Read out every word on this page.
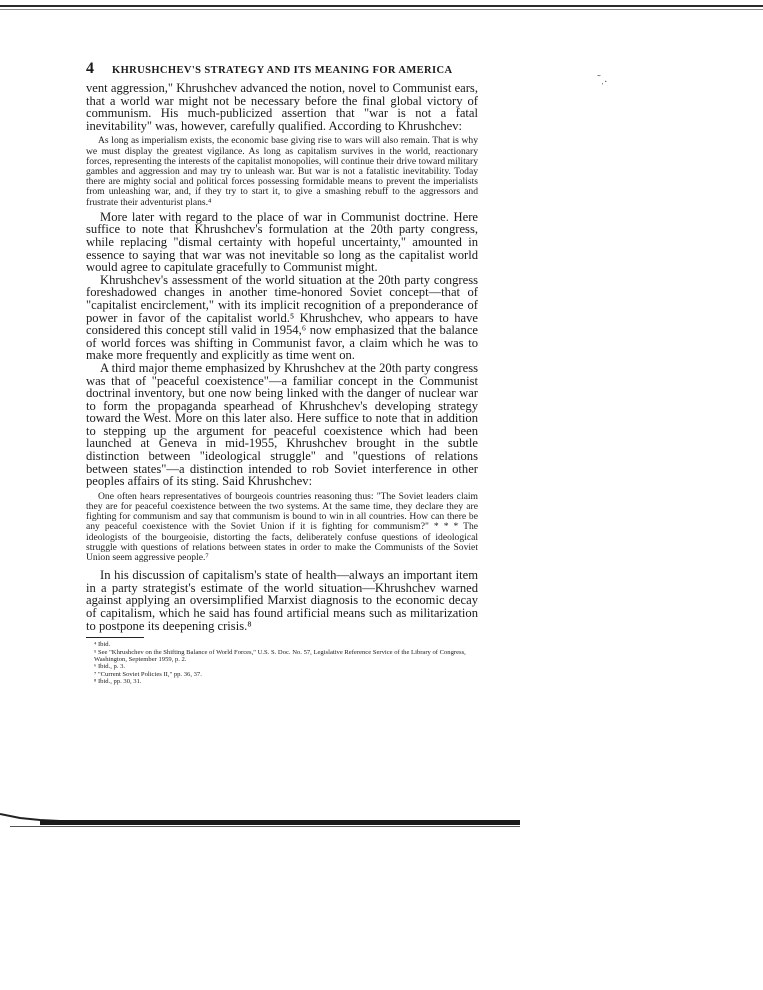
˜ˌ.
4	KHRUSHCHEV'S STRATEGY AND ITS MEANING FOR AMERICA

vent aggression," Khrushchev advanced the notion, novel to Communist ears, that a world war might not be necessary before the final global victory of communism. His much-publicized assertion that "war is not a fatal inevitability" was, however, carefully qualified. According to Khrushchev:

As long as imperialism exists, the economic base giving rise to wars will also remain. That is why we must display the greatest vigilance. As long as capitalism survives in the world, reactionary forces, representing the interests of the capitalist monopolies, will continue their drive toward military gambles and aggression and may try to unleash war. But war is not a fatalistic inevitability. Today there are mighty social and political forces possessing formidable means to prevent the imperialists from unleashing war, and, if they try to start it, to give a smashing rebuff to the aggressors and frustrate their adventurist plans.⁴

More later with regard to the place of war in Communist doctrine. Here suffice to note that Khrushchev's formulation at the 20th party congress, while replacing "dismal certainty with hopeful uncertainty," amounted in essence to saying that war was not inevitable so long as the capitalist world would agree to capitulate gracefully to Communist might.

Khrushchev's assessment of the world situation at the 20th party congress foreshadowed changes in another time-honored Soviet concept—that of "capitalist encirclement," with its implicit recognition of a preponderance of power in favor of the capitalist world.⁵ Khrushchev, who appears to have considered this concept still valid in 1954,⁶ now emphasized that the balance of world forces was shifting in Communist favor, a claim which he was to make more frequently and explicitly as time went on.

A third major theme emphasized by Khrushchev at the 20th party congress was that of "peaceful coexistence"—a familiar concept in the Communist doctrinal inventory, but one now being linked with the danger of nuclear war to form the propaganda spearhead of Khrushchev's developing strategy toward the West. More on this later also. Here suffice to note that in addition to stepping up the argument for peaceful coexistence which had been launched at Geneva in mid-1955, Khrushchev brought in the subtle distinction between "ideological struggle" and "questions of relations between states"—a distinction intended to rob Soviet interference in other peoples affairs of its sting. Said Khrushchev:

One often hears representatives of bourgeois countries reasoning thus: "The Soviet leaders claim they are for peaceful coexistence between the two systems. At the same time, they declare they are fighting for communism and say that communism is bound to win in all countries. How can there be any peaceful coexistence with the Soviet Union if it is fighting for communism?" * * * The ideologists of the bourgeoisie, distorting the facts, deliberately confuse questions of ideological struggle with questions of relations between states in order to make the Communists of the Soviet Union seem aggressive people.⁷

In his discussion of capitalism's state of health—always an important item in a party strategist's estimate of the world situation—Khrushchev warned against applying an oversimplified Marxist diagnosis to the economic decay of capitalism, which he said has found artificial means such as militarization to postpone its deepening crisis.⁸

⁴ Ibid.

⁵ See "Khrushchev on the Shifting Balance of World Forces," U.S. S. Doc. No. 57, Legislative Reference Service of the Library of Congress, Washington, September 1959, p. 2.

⁶ Ibid., p. 3.

⁷ "Current Soviet Policies II," pp. 36, 37.

⁸ Ibid., pp. 30, 31.
